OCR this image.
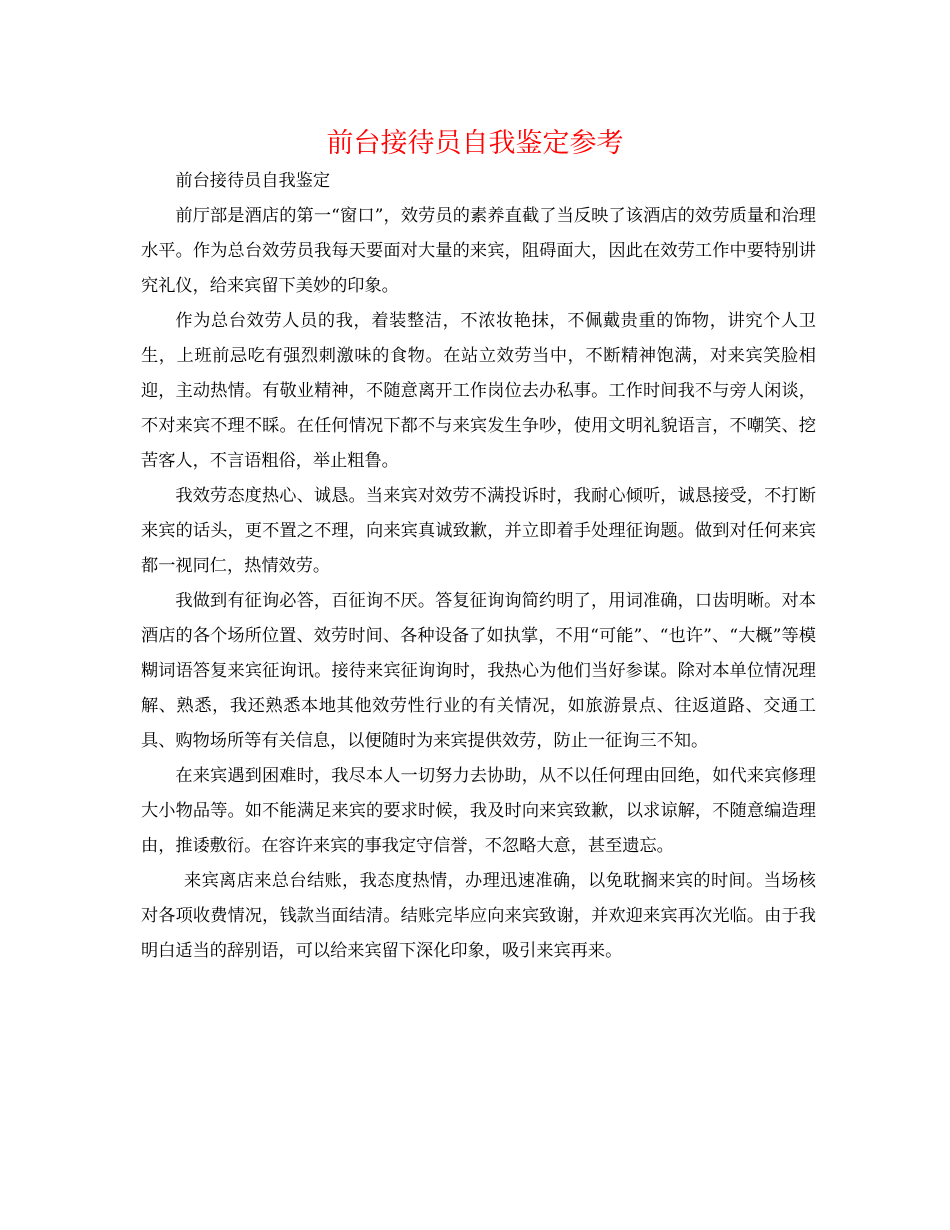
前台接待员自我鉴定参考

前台接待员自我鉴定

前厅部是酒店的第一“窗口”，效劳员的素养直截了当反映了该酒店的效劳质量和治理水平。作为总台效劳员我每天要面对大量的来宾，阻碍面大，因此在效劳工作中要特别讲究礼仪，给来宾留下美妙的印象。

作为总台效劳人员的我，着装整洁，不浓妆艳抹，不佩戴贵重的饰物，讲究个人卫生，上班前忌吃有强烈刺激味的食物。在站立效劳当中，不断精神饱满，对来宾笑脸相迎，主动热情。有敬业精神，不随意离开工作岗位去办私事。工作时间我不与旁人闲谈，不对来宾不理不睬。在任何情况下都不与来宾发生争吵，使用文明礼貌语言，不嘲笑、挖苦客人，不言语粗俗，举止粗鲁。

我效劳态度热心、诚恳。当来宾对效劳不满投诉时，我耐心倾听，诚恳接受，不打断来宾的话头，更不置之不理，向来宾真诚致歉，并立即着手处理征询题。做到对任何来宾都一视同仁，热情效劳。

我做到有征询必答，百征询不厌。答复征询询简约明了，用词准确，口齿明晰。对本酒店的各个场所位置、效劳时间、各种设备了如执掌，不用“可能”、“也许”、“大概”等模糊词语答复来宾征询讯。接待来宾征询询时，我热心为他们当好参谋。除对本单位情况理解、熟悉，我还熟悉本地其他效劳性行业的有关情况，如旅游景点、往返道路、交通工具、购物场所等有关信息，以便随时为来宾提供效劳，防止一征询三不知。

在来宾遇到困难时，我尽本人一切努力去协助，从不以任何理由回绝，如代来宾修理大小物品等。如不能满足来宾的要求时候，我及时向来宾致歉，以求谅解，不随意编造理由，推诿敷衍。在容许来宾的事我定守信誉，不忽略大意，甚至遗忘。

来宾离店来总台结账，我态度热情，办理迅速准确，以免耽搁来宾的时间。当场核对各项收费情况，钱款当面结清。结账完毕应向来宾致谢，并欢迎来宾再次光临。由于我明白适当的辞别语，可以给来宾留下深化印象，吸引来宾再来。
